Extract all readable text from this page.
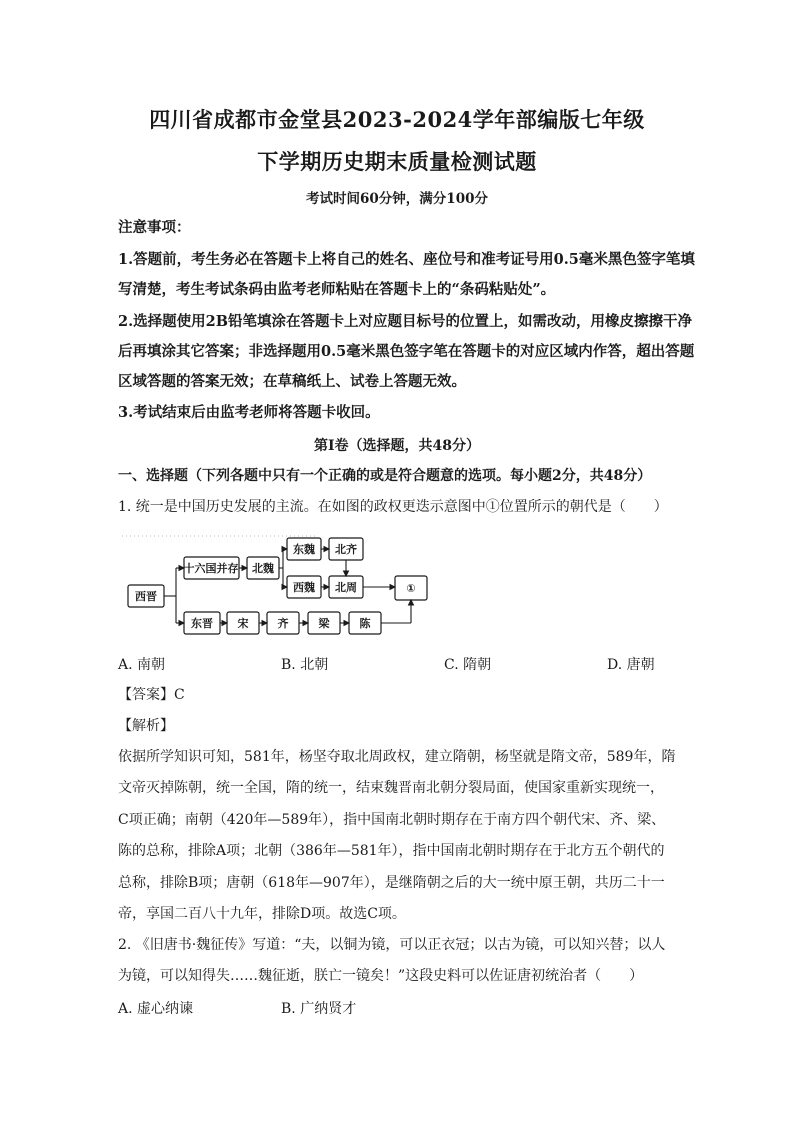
四川省成都市金堂县2023-2024学年部编版七年级
下学期历史期末质量检测试题
考试时间60分钟，满分100分
注意事项：
1.答题前，考生务必在答题卡上将自己的姓名、座位号和准考证号用0.5毫米黑色签字笔填
写清楚，考生考试条码由监考老师粘贴在答题卡上的“条码粘贴处”。
2.选择题使用2B铅笔填涂在答题卡上对应题目标号的位置上，如需改动，用橡皮擦擦干净
后再填涂其它答案；非选择题用0.5毫米黑色签字笔在答题卡的对应区域内作答，超出答题
区域答题的答案无效；在草稿纸上、试卷上答题无效。
3.考试结束后由监考老师将答题卡收回。
第Ⅰ卷（选择题，共48分）
一、选择题（下列各题中只有一个正确的或是符合题意的选项。每小题2分，共48分）
1. 统一是中国历史发展的主流。在如图的政权更迭示意图中①位置所示的朝代是（　　）
西晋
十六国并存 北魏
东魏 北齐
西魏 北周	①
东晋 宋	齐	梁	陈
A. 南朝	B. 北朝	C. 隋朝	D. 唐朝
【答案】C
【解析】
依据所学知识可知，581年，杨坚夺取北周政权，建立隋朝，杨坚就是隋文帝，589年，隋
文帝灭掉陈朝，统一全国，隋的统一，结束魏晋南北朝分裂局面，使国家重新实现统一，
C项正确；南朝（420年—589年），指中国南北朝时期存在于南方四个朝代宋、齐、梁、
陈的总称，排除A项；北朝（386年—581年），指中国南北朝时期存在于北方五个朝代的
总称，排除B项；唐朝（618年—907年），是继隋朝之后的大一统中原王朝，共历二十一
帝，享国二百八十九年，排除D项。故选C项。
2. 《旧唐书·魏征传》写道：“夫，以铜为镜，可以正衣冠；以古为镜，可以知兴替；以人
为镜，可以知得失……魏征逝，朕亡一镜矣！”这段史料可以佐证唐初统治者（　　）
A. 虚心纳谏	B. 广纳贤才
